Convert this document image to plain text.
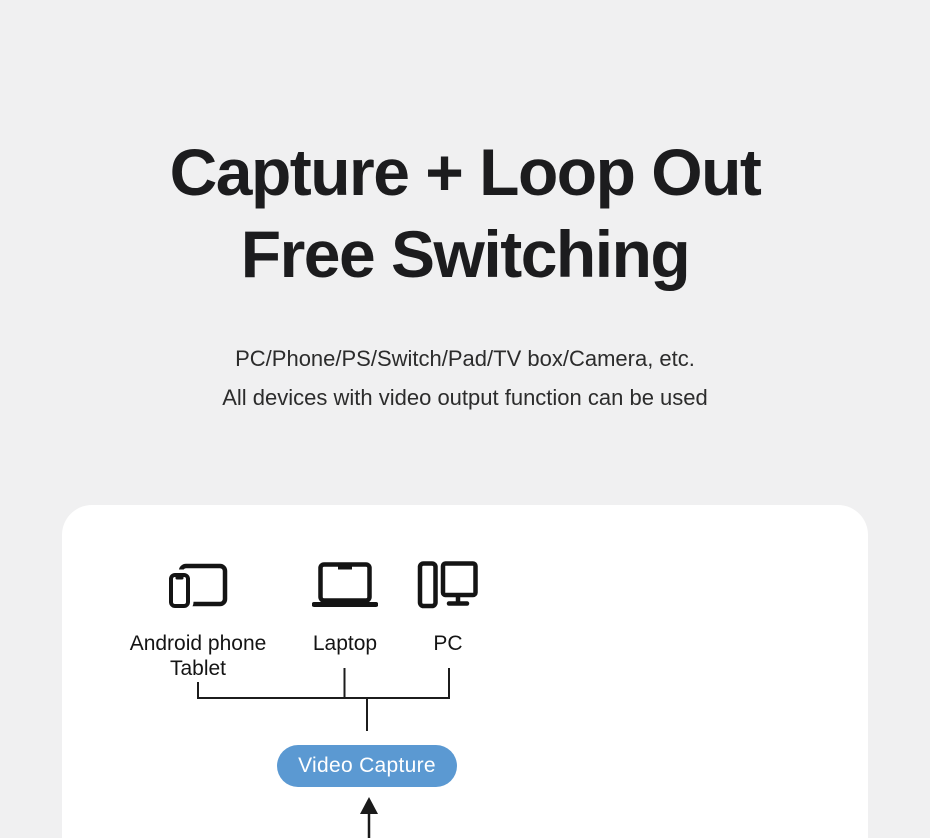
Capture + Loop Out
Free Switching
PC/Phone/PS/Switch/Pad/TV box/Camera, etc.
All devices with video output function can be used
Android phone
Tablet
Laptop	PC
Video Capture
